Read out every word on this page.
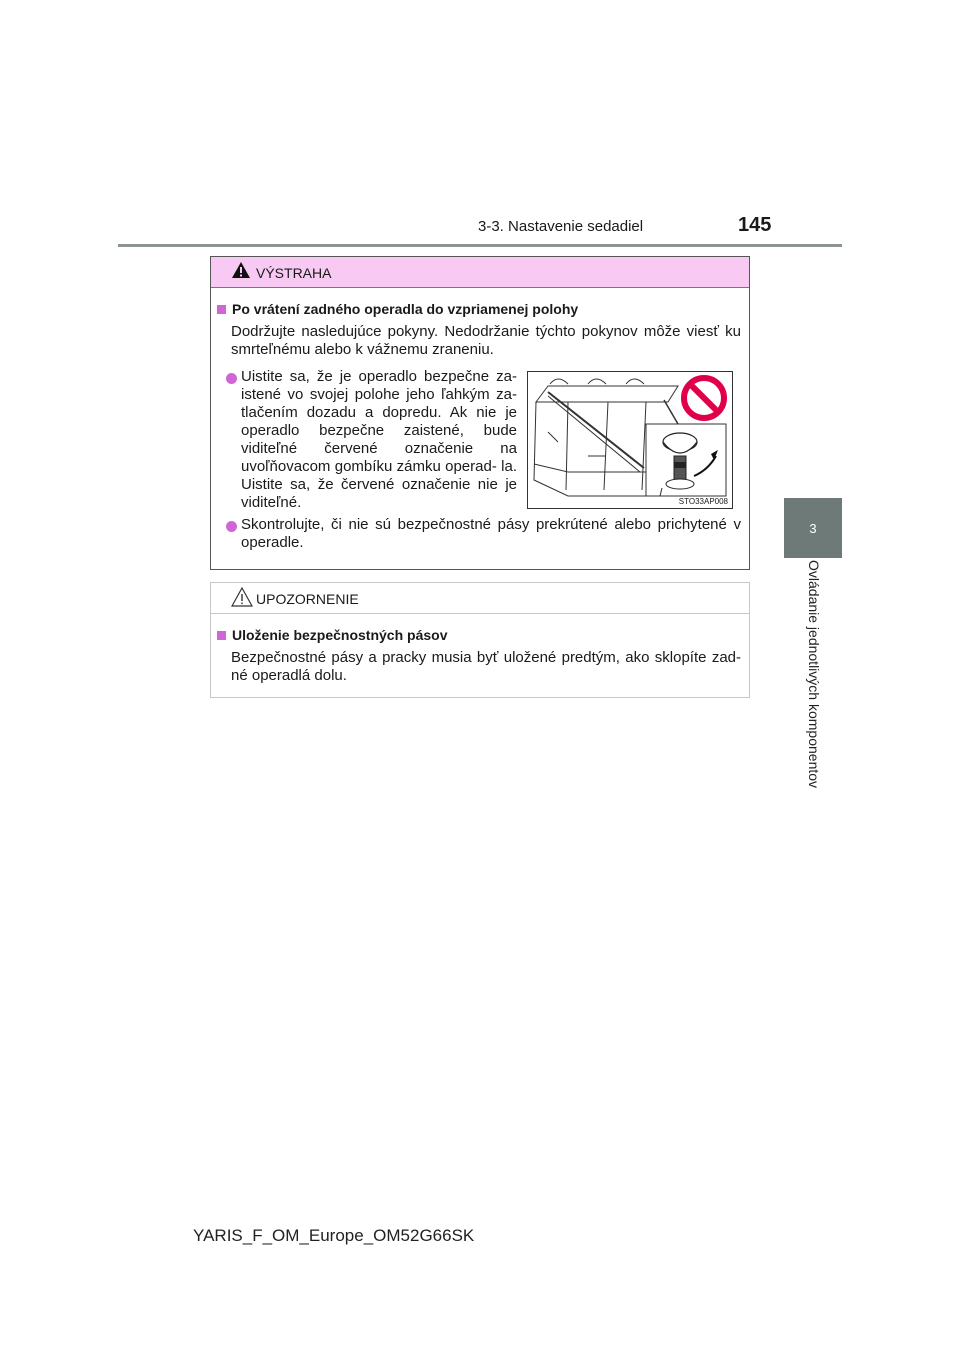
3-3. Nastavenie sedadiel	145
3
Ovládanie jednotlivých komponentov
VÝSTRAHA
Po vrátení zadného operadla do vzpriamenej polohy
Dodržujte nasledujúce pokyny. Nedodržanie týchto pokynov môže viesť ku smrteľnému alebo k vážnemu zraneniu.
Uistite sa, že je operadlo bezpečne za- istené vo svojej polohe jeho ľahkým za- tlačením dozadu a dopredu. Ak nie je operadlo bezpečne zaistené, bude viditeľné červené označenie na uvoľňovacom gombíku zámku operad- la. Uistite sa, že červené označenie nie je viditeľné.	STO33AP008
Skontrolujte, či nie sú bezpečnostné pásy prekrútené alebo prichytené v operadle.
UPOZORNENIE
Uloženie bezpečnostných pásov
Bezpečnostné pásy a pracky musia byť uložené predtým, ako sklopíte zad- né operadlá dolu.
YARIS_F_OM_Europe_OM52G66SK
